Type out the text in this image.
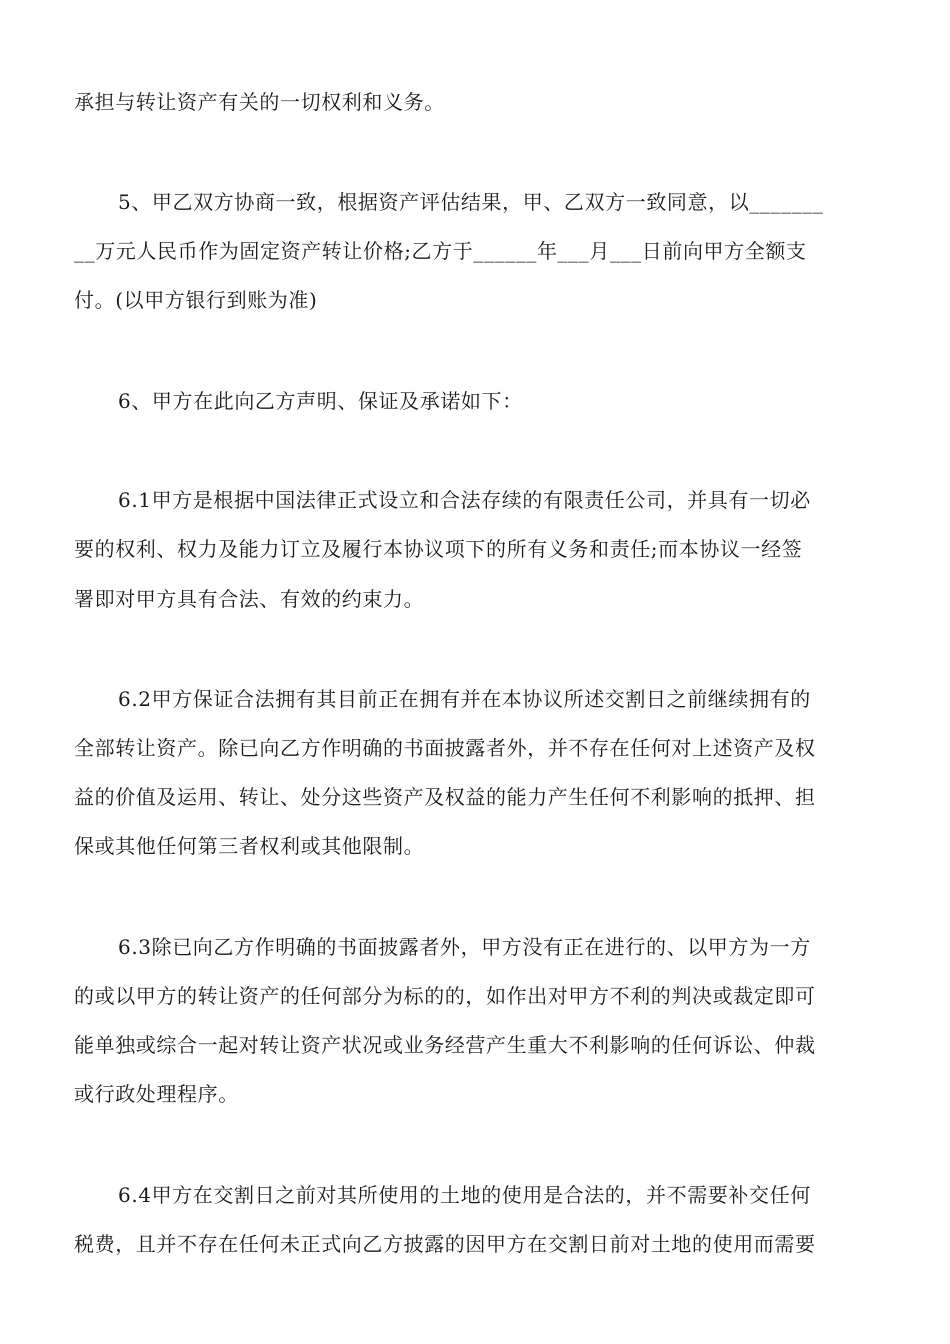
承担与转让资产有关的一切权利和义务。
5、甲乙双方协商一致，根据资产评估结果，甲、乙双方一致同意，以_______
__万元人民币作为固定资产转让价格;乙方于______年___月___日前向甲方全额支
付。(以甲方银行到账为准)
6、甲方在此向乙方声明、保证及承诺如下：
6.1甲方是根据中国法律正式设立和合法存续的有限责任公司，并具有一切必
要的权利、权力及能力订立及履行本协议项下的所有义务和责任;而本协议一经签
署即对甲方具有合法、有效的约束力。
6.2甲方保证合法拥有其目前正在拥有并在本协议所述交割日之前继续拥有的
全部转让资产。除已向乙方作明确的书面披露者外，并不存在任何对上述资产及权
益的价值及运用、转让、处分这些资产及权益的能力产生任何不利影响的抵押、担
保或其他任何第三者权利或其他限制。
6.3除已向乙方作明确的书面披露者外，甲方没有正在进行的、以甲方为一方
的或以甲方的转让资产的任何部分为标的的，如作出对甲方不利的判决或裁定即可
能单独或综合一起对转让资产状况或业务经营产生重大不利影响的任何诉讼、仲裁
或行政处理程序。
6.4甲方在交割日之前对其所使用的土地的使用是合法的，并不需要补交任何
税费，且并不存在任何未正式向乙方披露的因甲方在交割日前对土地的使用而需要
